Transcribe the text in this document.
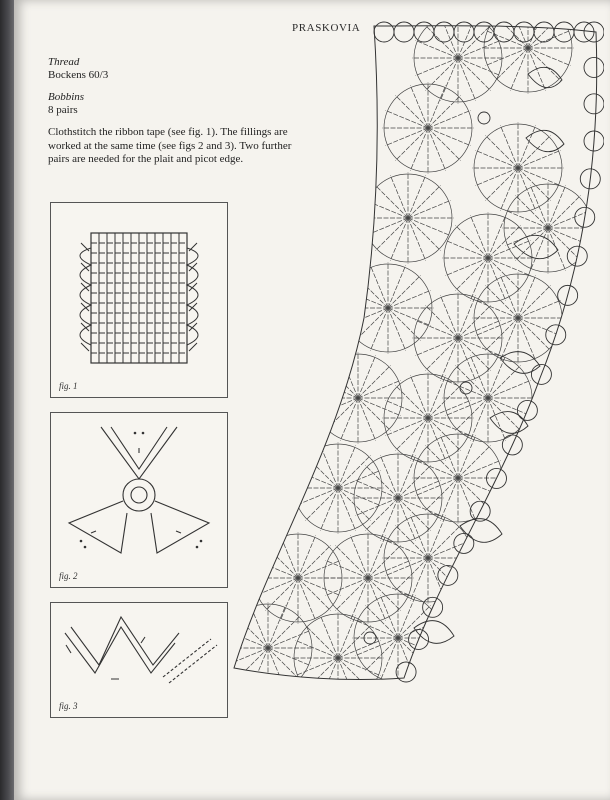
PRASKOVIA
Thread
Bockens 60/3
Bobbins
8 pairs
Clothstitch the ribbon tape (see fig. 1). The fillings are
worked at the same time (see figs 2 and 3). Two further
pairs are needed for the plait and picot edge.
fig. 1
fig. 2
fig. 3
